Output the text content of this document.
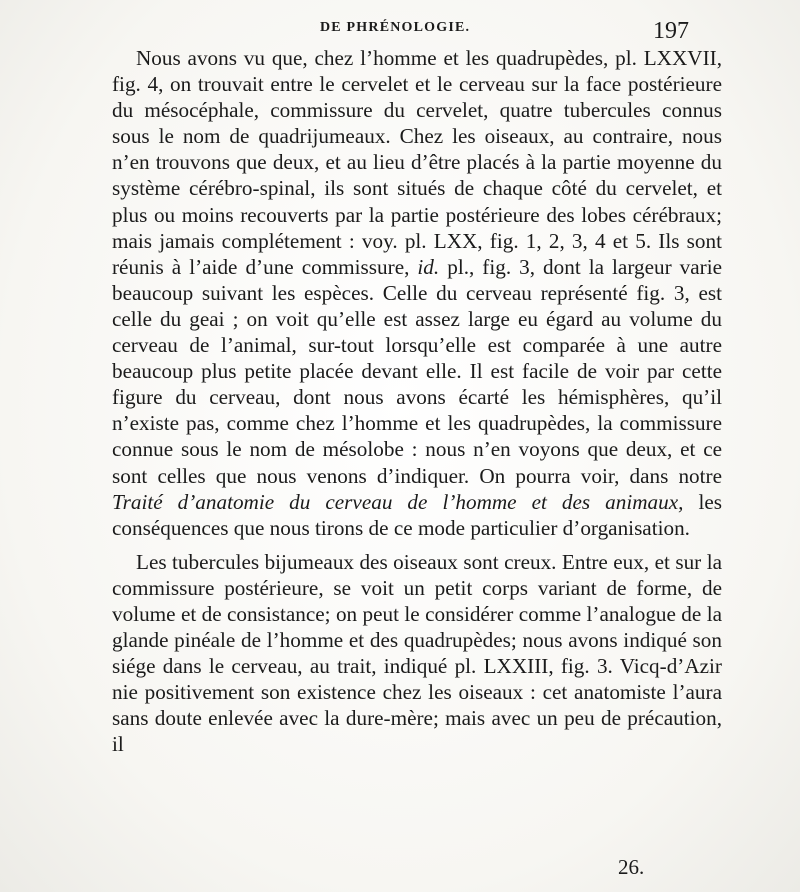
DE PHRÉNOLOGIE.	197

Nous avons vu que, chez l’homme et les quadrupèdes, pl. LXXVII, fig. 4, on trouvait entre le cervelet et le cerveau sur la face postérieure du mésocéphale, commissure du cervelet, quatre tubercules connus sous le nom de quadrijumeaux. Chez les oiseaux, au contraire, nous n’en trouvons que deux, et au lieu d’être placés à la partie moyenne du système cérébro-spinal, ils sont situés de chaque côté du cervelet, et plus ou moins recouverts par la partie postérieure des lobes cérébraux; mais jamais complétement : voy. pl. LXX, fig. 1, 2, 3, 4 et 5. Ils sont réunis à l’aide d’une commissure, id. pl., fig. 3, dont la largeur varie beaucoup suivant les espèces. Celle du cerveau représenté fig. 3, est celle du geai ; on voit qu’elle est assez large eu égard au volume du cerveau de l’animal, sur-tout lorsqu’elle est comparée à une autre beaucoup plus petite placée devant elle. Il est facile de voir par cette figure du cerveau, dont nous avons écarté les hémisphères, qu’il n’existe pas, comme chez l’homme et les quadrupèdes, la commissure connue sous le nom de mésolobe : nous n’en voyons que deux, et ce sont celles que nous venons d’indiquer. On pourra voir, dans notre Traité d’anatomie du cerveau de l’homme et des animaux, les conséquences que nous tirons de ce mode particulier d’organisation.

Les tubercules bijumeaux des oiseaux sont creux. Entre eux, et sur la commissure postérieure, se voit un petit corps variant de forme, de volume et de consistance; on peut le considérer comme l’analogue de la glande pinéale de l’homme et des quadrupèdes; nous avons indiqué son siége dans le cerveau, au trait, indiqué pl. LXXIII, fig. 3. Vicq-d’Azir nie positivement son existence chez les oiseaux : cet anatomiste l’aura sans doute enlevée avec la dure-mère; mais avec un peu de précaution, il

26.
